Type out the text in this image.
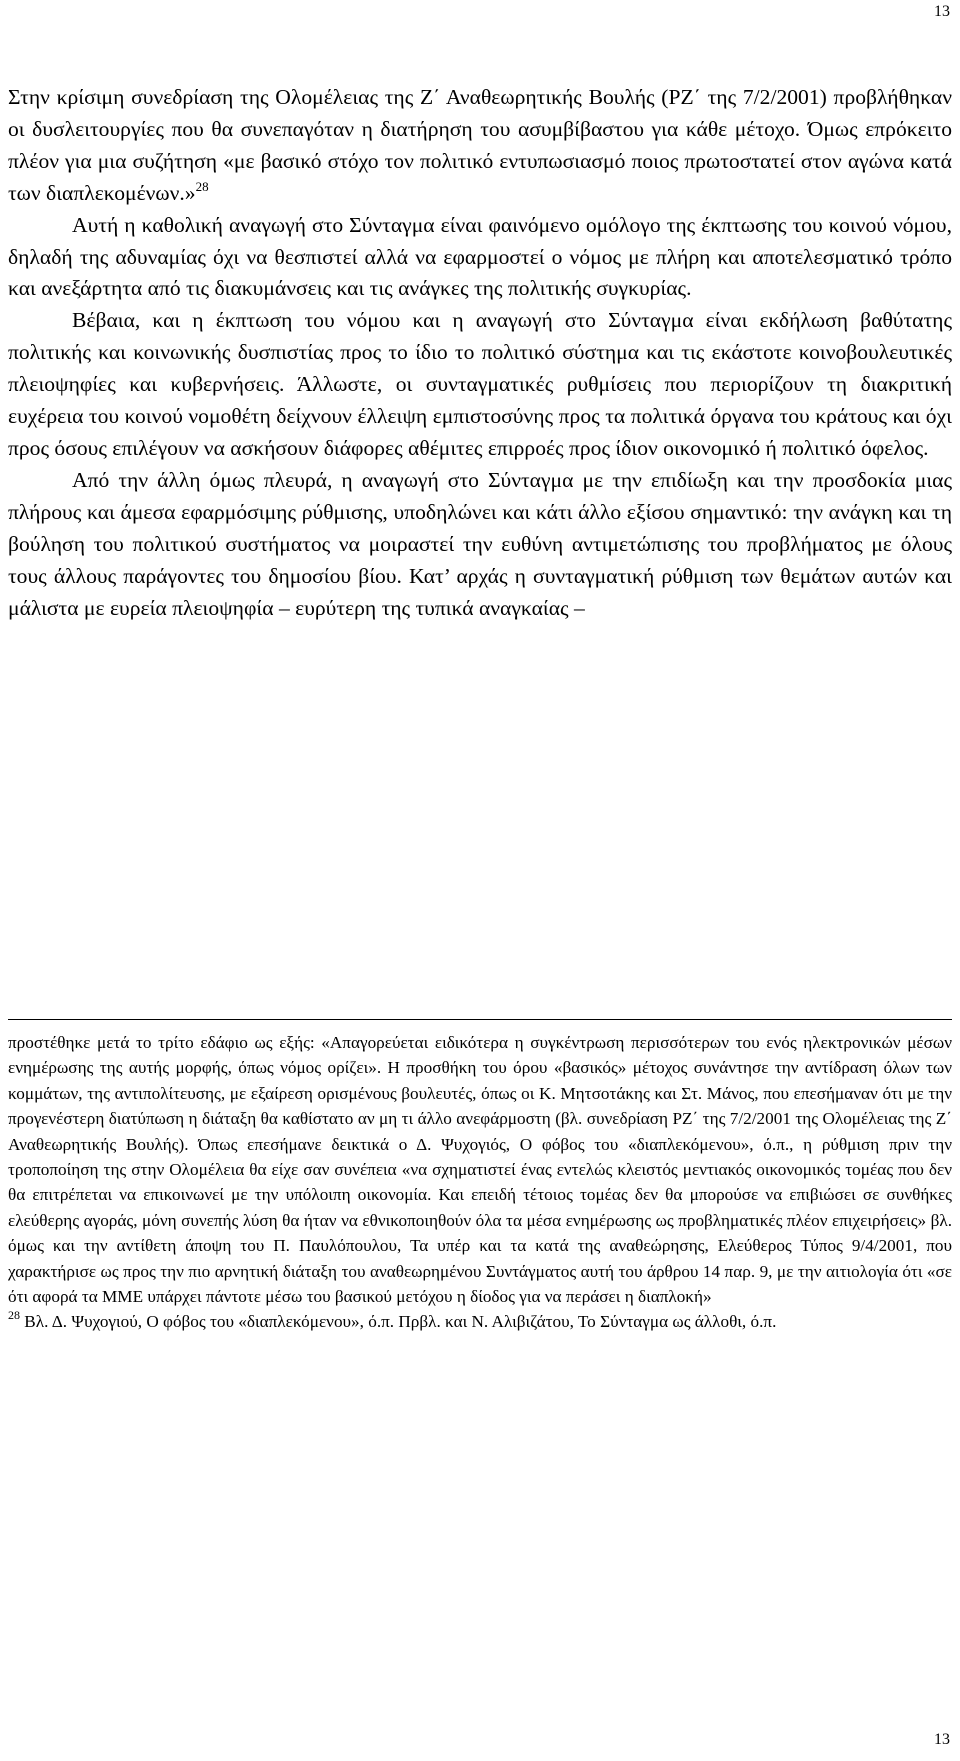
13

Στην κρίσιμη συνεδρίαση της Ολομέλειας της Ζ΄ Αναθεωρητικής Βουλής (ΡΖ΄ της 7/2/2001) προβλήθηκαν οι δυσλειτουργίες που θα συνεπαγόταν η διατήρηση του ασυμβίβαστου για κάθε μέτοχο. Όμως επρόκειτο πλέον για μια συζήτηση «με βασικό στόχο τον πολιτικό εντυπωσιασμό ποιος πρωτοστατεί στον αγώνα κατά των διαπλεκομένων.»$^{28}$

Αυτή η καθολική αναγωγή στο Σύνταγμα είναι φαινόμενο ομόλογο της έκπτωσης του κοινού νόμου, δηλαδή της αδυναμίας όχι να θεσπιστεί αλλά να εφαρμοστεί ο νόμος με πλήρη και αποτελεσματικό τρόπο και ανεξάρτητα από τις διακυμάνσεις και τις ανάγκες της πολιτικής συγκυρίας.

Βέβαια, και η έκπτωση του νόμου και η αναγωγή στο Σύνταγμα είναι εκδήλωση βαθύτατης πολιτικής και κοινωνικής δυσπιστίας προς το ίδιο το πολιτικό σύστημα και τις εκάστοτε κοινοβουλευτικές πλειοψηφίες και κυβερνήσεις. Άλλωστε, οι συνταγματικές ρυθμίσεις που περιορίζουν τη διακριτική ευχέρεια του κοινού νομοθέτη δείχνουν έλλειψη εμπιστοσύνης προς τα πολιτικά όργανα του κράτους και όχι προς όσους επιλέγουν να ασκήσουν διάφορες αθέμιτες επιρροές προς ίδιον οικονομικό ή πολιτικό όφελος.

Από την άλλη όμως πλευρά, η αναγωγή στο Σύνταγμα με την επιδίωξη και την προσδοκία μιας πλήρους και άμεσα εφαρμόσιμης ρύθμισης, υποδηλώνει και κάτι άλλο εξίσου σημαντικό: την ανάγκη και τη βούληση του πολιτικού συστήματος να μοιραστεί την ευθύνη αντιμετώπισης του προβλήματος με όλους τους άλλους παράγοντες του δημοσίου βίου. Κατ’ αρχάς η συνταγματική ρύθμιση των θεμάτων αυτών και μάλιστα με ευρεία πλειοψηφία – ευρύτερη της τυπικά αναγκαίας –

προστέθηκε μετά το τρίτο εδάφιο ως εξής: «Απαγορεύεται ειδικότερα η συγκέντρωση περισσότερων του ενός ηλεκτρονικών μέσων ενημέρωσης της αυτής μορφής, όπως νόμος ορίζει». Η προσθήκη του όρου «βασικός» μέτοχος συνάντησε την αντίδραση όλων των κομμάτων, της αντιπολίτευσης, με εξαίρεση ορισμένους βουλευτές, όπως οι Κ. Μητσοτάκης και Στ. Μάνος, που επεσήμαναν ότι με την προγενέστερη διατύπωση η διάταξη θα καθίστατο αν μη τι άλλο ανεφάρμοστη (βλ. συνεδρίαση ΡΖ΄ της 7/2/2001 της Ολομέλειας της Ζ΄ Αναθεωρητικής Βουλής). Όπως επεσήμανε δεικτικά ο Δ. Ψυχογιός, Ο φόβος του «διαπλεκόμενου», ό.π., η ρύθμιση πριν την τροποποίηση της στην Ολομέλεια θα είχε σαν συνέπεια «να σχηματιστεί ένας εντελώς κλειστός μεντιακός οικονομικός τομέας που δεν θα επιτρέπεται να επικοινωνεί με την υπόλοιπη οικονομία. Και επειδή τέτοιος τομέας δεν θα μπορούσε να επιβιώσει σε συνθήκες ελεύθερης αγοράς, μόνη συνεπής λύση θα ήταν να εθνικοποιηθούν όλα τα μέσα ενημέρωσης ως προβληματικές πλέον επιχειρήσεις» βλ. όμως και την αντίθετη άποψη του Π. Παυλόπουλου, Τα υπέρ και τα κατά της αναθεώρησης, Ελεύθερος Τύπος 9/4/2001, που χαρακτήρισε ως προς την πιο αρνητική διάταξη του αναθεωρημένου Συντάγματος αυτή του άρθρου 14 παρ. 9, με την αιτιολογία ότι «σε ότι αφορά τα ΜΜΕ υπάρχει πάντοτε μέσω του βασικού μετόχου η δίοδος για να περάσει η διαπλοκή»

$^{28}$ Βλ. Δ. Ψυχογιού, Ο φόβος του «διαπλεκόμενου», ό.π. Πρβλ. και Ν. Αλιβιζάτου, Το Σύνταγμα ως άλλοθι, ό.π.

13
